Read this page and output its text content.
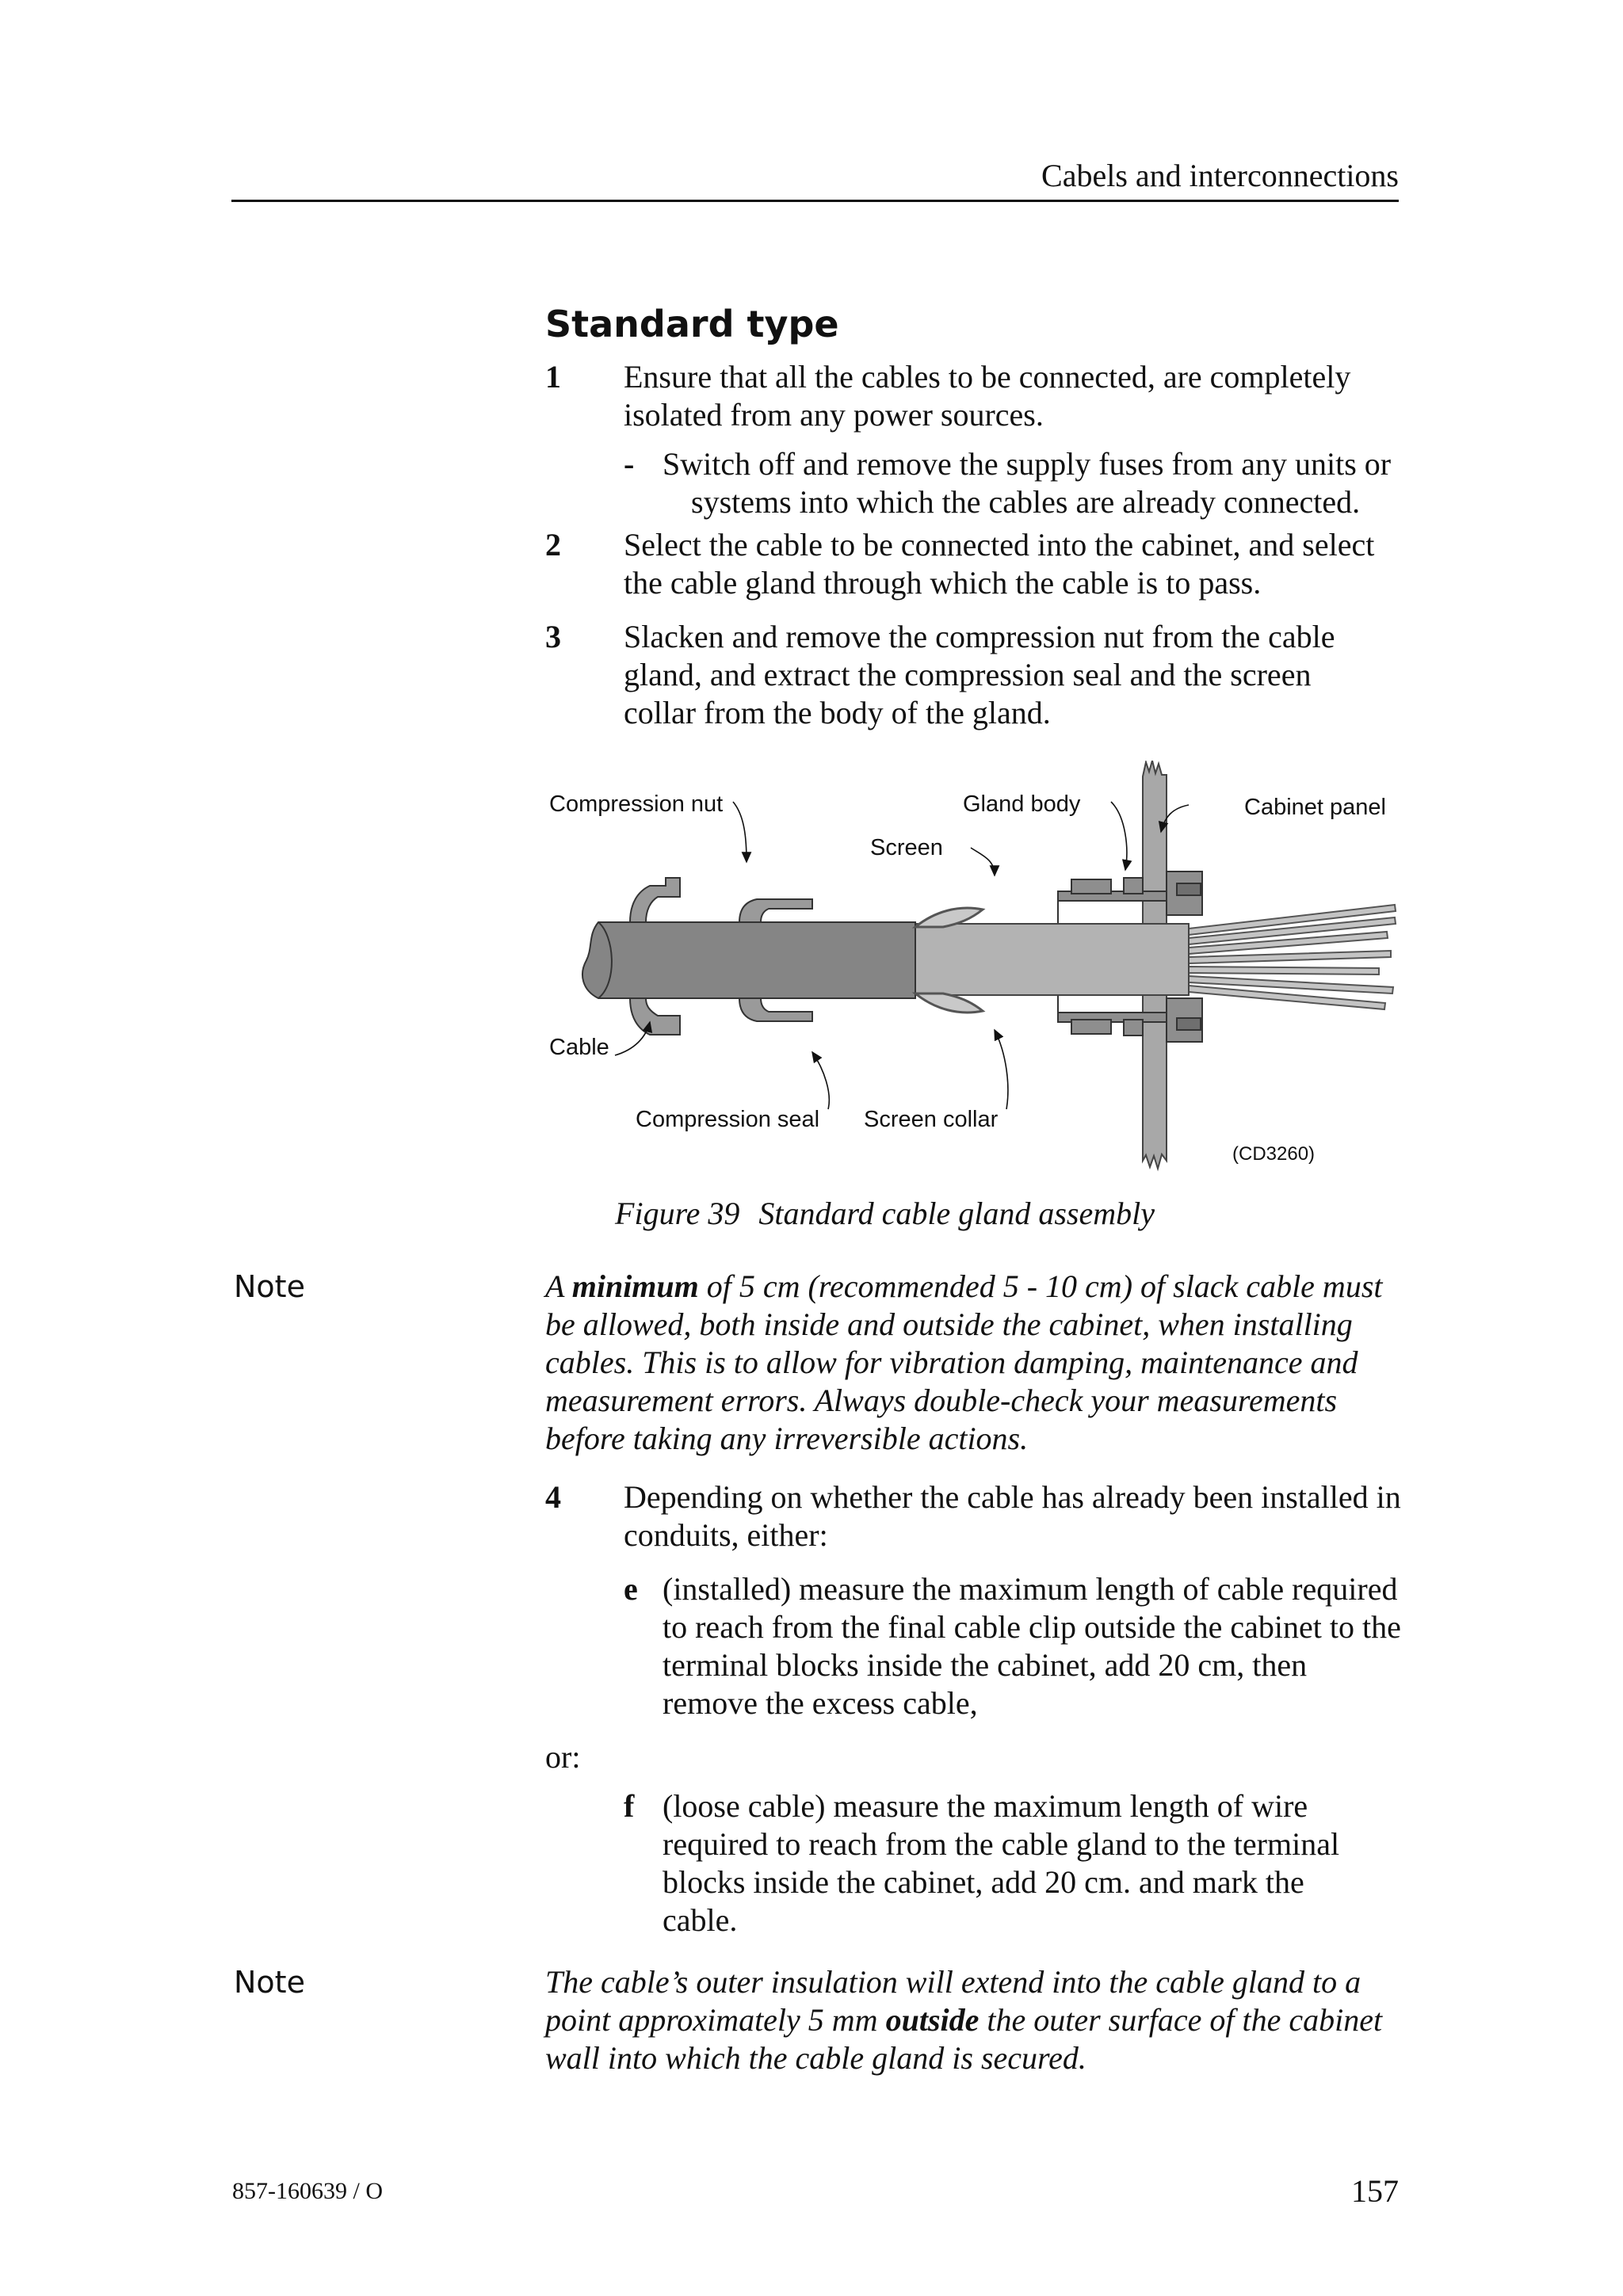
Cabels and interconnections
Standard type
1 Ensure that all the cables to be connected, are completely isolated from any power sources.
- Switch off and remove the supply fuses from any units or systems into which the cables are already connected.
2 Select the cable to be connected into the cabinet, and select the cable gland through which the cable is to pass.
3 Slacken and remove the compression nut from the cable gland, and extract the compression seal and the screen collar from the body of the gland.
Compression nut	Gland body	Cabinet panel
Screen
Cable
Compression seal Screen collar
(CD3260)
Figure 39 Standard cable gland assembly
Note	A minimum of 5 cm (recommended 5 - 10 cm) of slack cable must be allowed, both inside and outside the cabinet, when installing cables. This is to allow for vibration damping, maintenance and measurement errors. Always double-check your measurements before taking any irreversible actions.
4 Depending on whether the cable has already been installed in conduits, either:
e (installed) measure the maximum length of cable required to reach from the final cable clip outside the cabinet to the terminal blocks inside the cabinet, add 20 cm, then remove the excess cable,
or:
f (loose cable) measure the maximum length of wire required to reach from the cable gland to the terminal blocks inside the cabinet, add 20 cm. and mark the cable.
Note	The cable’s outer insulation will extend into the cable gland to a point approximately 5 mm outside the outer surface of the cabinet wall into which the cable gland is secured.
857-160639 / O	157
